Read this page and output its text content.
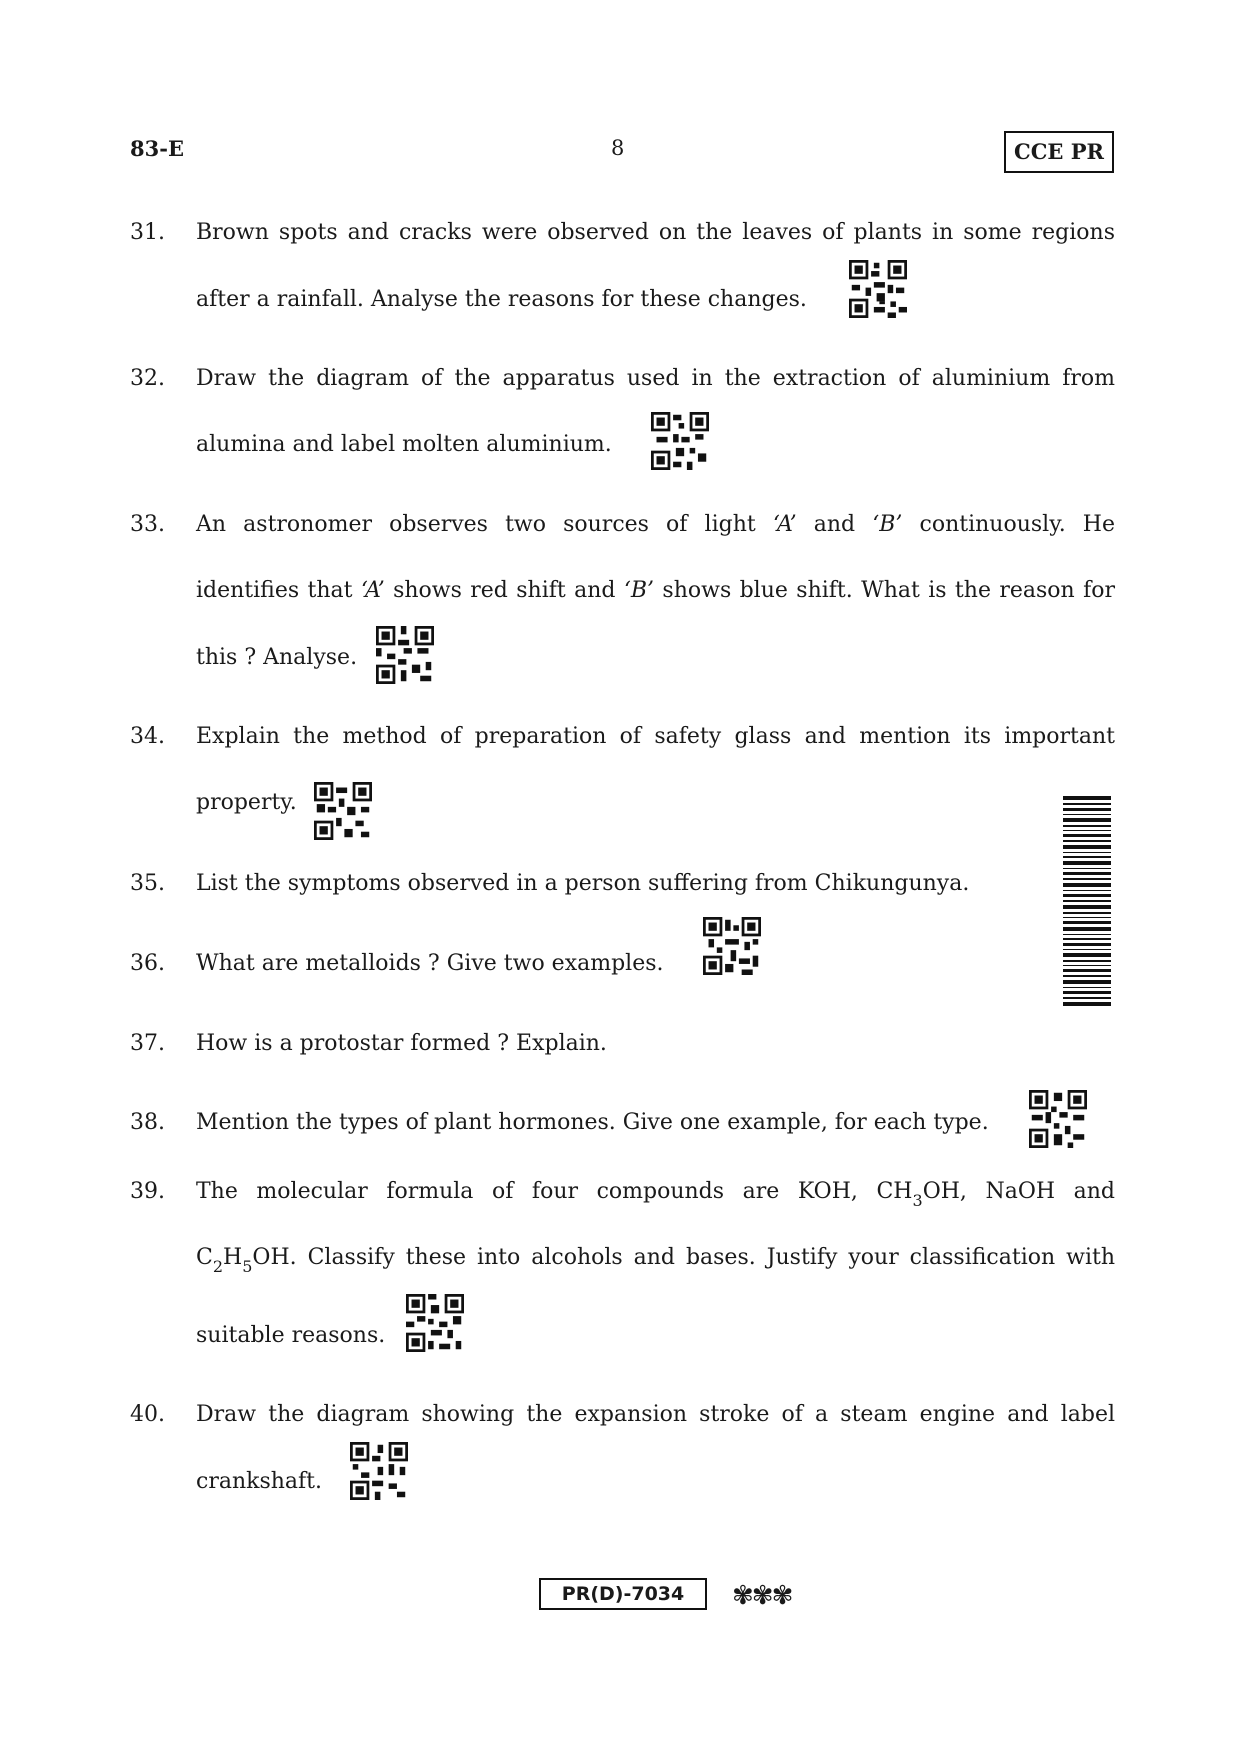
83-E	8	CCE PR
31. Brown spots and cracks were observed on the leaves of plants in some regions
after a rainfall. Analyse the reasons for these changes.
32. Draw the diagram of the apparatus used in the extraction of aluminium from
alumina and label molten aluminium.
33. An astronomer observes two sources of light ‘A’ and ‘B’ continuously. He
identifies that ‘A’ shows red shift and ‘B’ shows blue shift. What is the reason for
this ? Analyse.
34. Explain the method of preparation of safety glass and mention its important
property.
35. List the symptoms observed in a person suffering from Chikungunya.
36. What are metalloids ? Give two examples.
37. How is a protostar formed ? Explain.
38. Mention the types of plant hormones. Give one example, for each type.
39. The molecular formula of four compounds are KOH, $CH_3OH$, NaOH and
$C_2H_5OH$. Classify these into alcohols and bases. Justify your classification with
suitable reasons.
40. Draw the diagram showing the expansion stroke of a steam engine and label
crankshaft.
PR(D)-7034	✾✾✾
